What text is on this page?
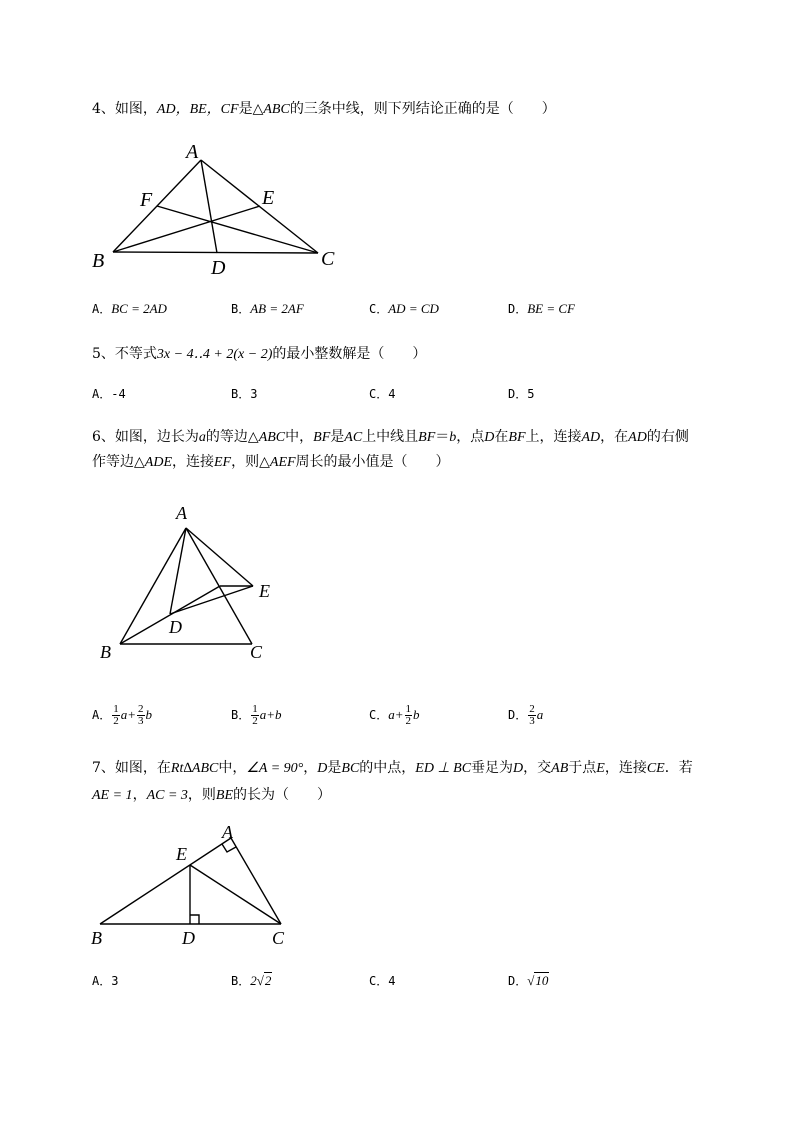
4、如图，AD，BE，CF是△ABC的三条中线，则下列结论正确的是（　　）
A
B	C
D
E
F
A．BC = 2AD	B．AB = 2AF	C．AD = CD	D．BE = CF
5、不等式3x − 4‥4 + 2(x − 2)的最小整数解是（　　）
A．-4	B．3	C．4	D．5
6、如图，边长为a的等边△ABC中，BF是AC上中线且BF＝b，点D在BF上，连接AD，在AD的右侧
作等边△ADE，连接EF，则△AEF周长的最小值是（　　）
A
B	C
D
E
A． $\frac{1}{2} a+ \frac{2}{3}$ b	B． $\frac{1}{2} a+b$	C．$a+ \frac{1}{2}$ b	D． $\frac{2}{3}$ a
7、如图，在Rt∆ABC中，∠A = 90°，D是BC的中点，ED ⊥ BC垂足为D，交AB于点E，连接CE．若
AE = 1，AC = 3，则BE的长为（　　）
A
B	C
D
E
A．3	B．2√2	C．4	D．√10
